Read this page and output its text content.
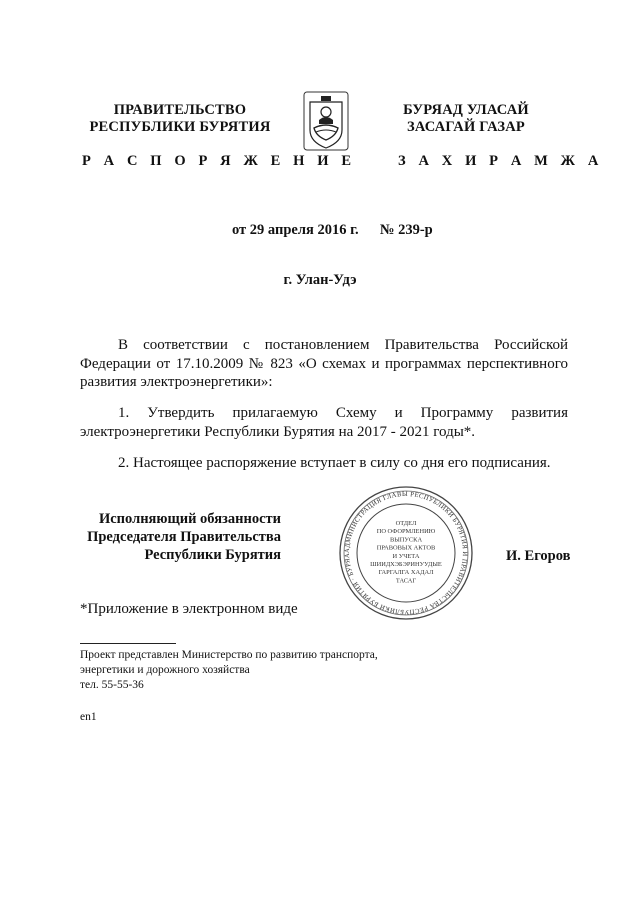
ПРАВИТЕЛЬСТВО
РЕСПУБЛИКИ БУРЯТИЯ
Р А С П О Р Я Ж Е Н И Е
БУРЯАД УЛАСАЙ
ЗАСАГАЙ ГАЗАР
З А Х И Р А М Ж А
от 29 апреля 2016 г. № 239-р
г. Улан-Удэ
В соответствии с постановлением Правительства Российской Федерации от 17.10.2009 № 823 «О схемах и программах перспективного развития электроэнергетики»:
1. Утвердить прилагаемую Схему и Программу развития электроэнергетики Республики Бурятия на 2017 - 2021 годы*.
2. Настоящее распоряжение вступает в силу со дня его подписания.
Исполняющий обязанности
Председателя Правительства
Республики Бурятия	АДМИНИСТРАЦИЯ ГЛАВЫ РЕСПУБЛИКИ БУРЯТИЯ И ПРАВИТЕЛЬСТВА РЕСПУБЛИКИ БУРЯТИЯ · БУРЯА
ОТДЕЛ
ПО ОФОРМЛЕНИЮ
ВЫПУСКА
ПРАВОВЫХ АКТОВ
И УЧЕТА
ШИИДХЭБЭРИНУУДЫЕ
ГАРГАЛГА ХАДАЛ
ТАСАГ
И. Егоров
*Приложение в электронном виде
Проект представлен Министерство по развитию транспорта,
энергетики и дорожного хозяйства
тел. 55-55-36
en1
